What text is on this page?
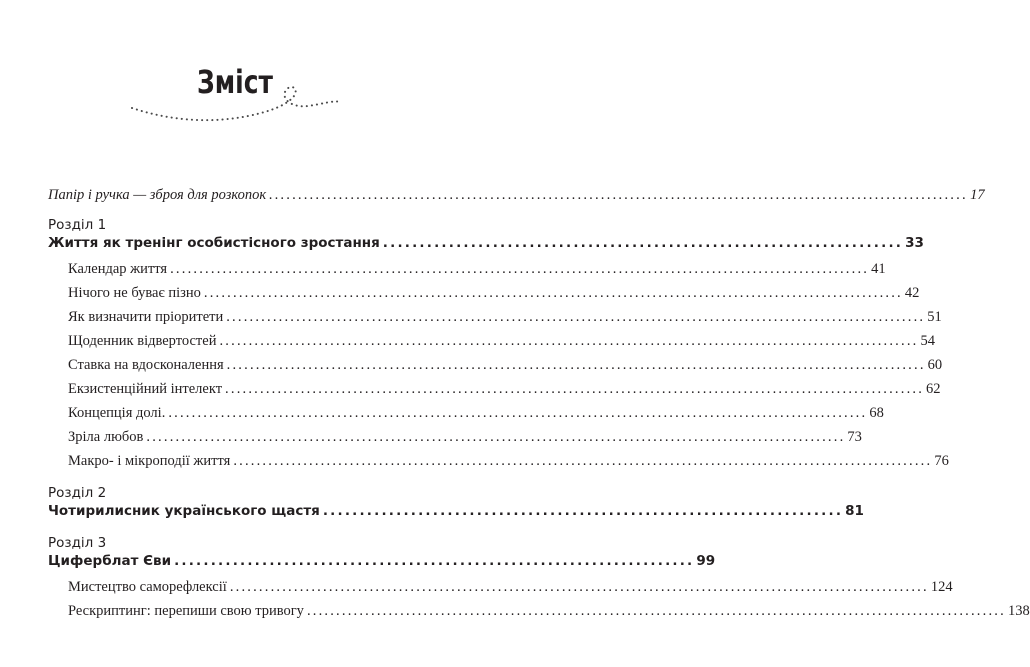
Зміст
Папір і ручка — зброя для розкопок ........................................................................................................................ 17
Розділ 1
Життя як тренінг особистісного зростання ....................................................................... 33
Календар життя ........................................................................................................................ 41
Нічого не буває пізно ........................................................................................................................ 42
Як визначити пріоритети ........................................................................................................................ 51
Щоденник відвертостей ........................................................................................................................ 54
Ставка на вдосконалення ........................................................................................................................ 60
Екзистенційний інтелект ........................................................................................................................ 62
Концепція долі. ........................................................................................................................ 68
Зріла любов ........................................................................................................................ 73
Макро- і мікроподії життя ........................................................................................................................ 76
Розділ 2
Чотирилисник українського щастя ....................................................................... 81
Розділ 3
Циферблат Єви ....................................................................... 99
Мистецтво саморефлексії ........................................................................................................................ 124
Рескриптинг: перепиши свою тривогу ........................................................................................................................ 138
